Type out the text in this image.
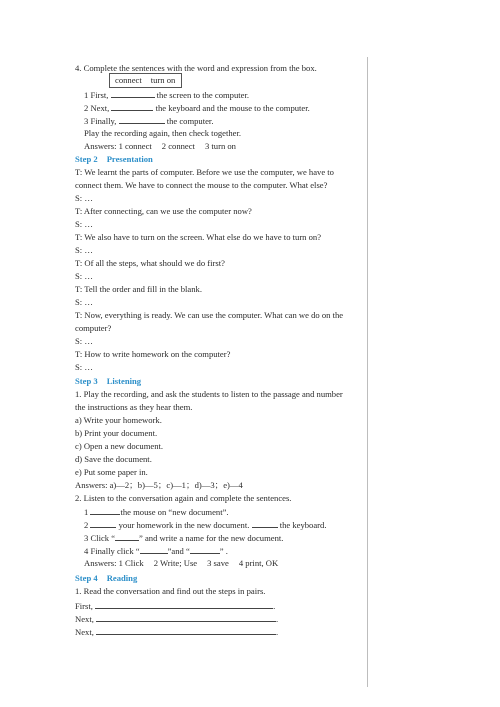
4. Complete the sentences with the word and expression from the box.
connect turn on
1 First,	the screen to the computer.
2 Next,	the keyboard and the mouse to the computer.
3 Finally,	the computer.
Play the recording again, then check together.
Answers: 1 connect 2 connect 3 turn on
Step 2 Presentation
T: We learnt the parts of computer. Before we use the computer, we have to
connect them. We have to connect the mouse to the computer. What else?
S: …
T: After connecting, can we use the computer now?
S: …
T: We also have to turn on the screen. What else do we have to turn on?
S: …
T: Of all the steps, what should we do first?
S: …
T: Tell the order and fill in the blank.
S: …
T: Now, everything is ready. We can use the computer. What can we do on the
computer?
S: …
T: How to write homework on the computer?
S: …
Step 3 Listening
1. Play the recording, and ask the students to listen to the passage and number
the instructions as they hear them.
a) Write your homework.
b) Print your document.
c) Open a new document.
d) Save the document.
e) Put some paper in.
Answers: a)—2；b)—5；c)—1；d)—3；e)—4
2. Listen to the conversation again and complete the sentences.
1	the mouse on “new document”.
2	your homework in the new document.	the keyboard.
3 Click “	” and write a name for the new document.
4 Finally click “	”and “	” .
Answers: 1 Click 2 Write; Use 3 save 4 print, OK
Step 4 Reading
1. Read the conversation and find out the steps in pairs.
First,	.
Next,	.
Next,	.
